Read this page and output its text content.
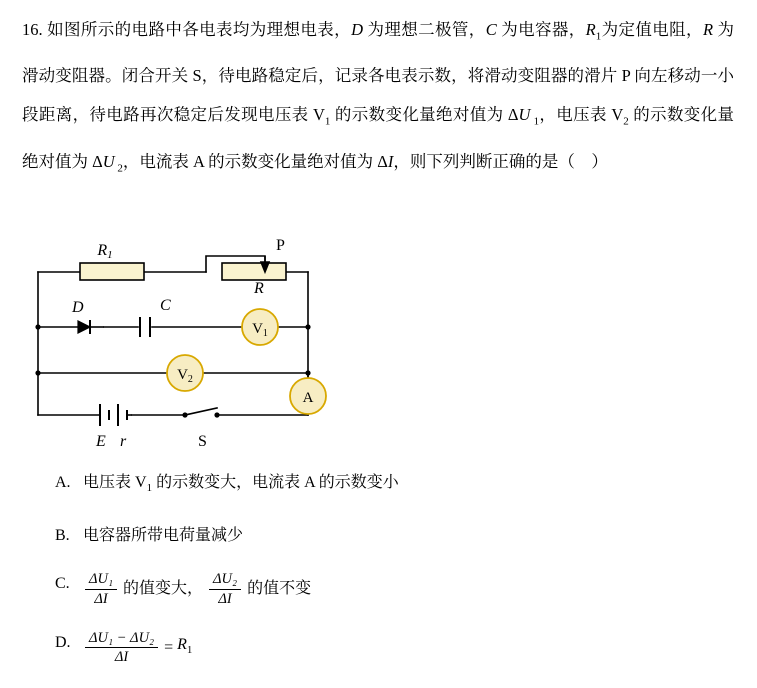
16. 如图所示的电路中各电表均为理想电表，D 为理想二极管，C 为电容器，$R_1$为定值电阻，R 为滑动变阻器。闭合开关 S，待电路稳定后，记录各电表示数，将滑动变阻器的滑片 P 向左移动一小段距离，待电路再次稳定后发现电压表 $V_1$ 的示数变化量绝对值为 ΔU $_1$，电压表 $V_2$ 的示数变化量绝对值为 ΔU $_2$，电流表 A 的示数变化量绝对值为 ΔI，则下列判断正确的是（    ）
$V_1$
$V_2$
A
R1
P
R
D	C
E r	S
A. 电压表 $V_1$ 的示数变大，电流表 A 的示数变小
B. 电容器所带电荷量减少
C.	$\frac{\text{ΔU₁}}{\Delta I}$ 的值变大， $\frac{\text{ΔU₂}}{\Delta I}$ 的值不变
D. $\frac{\text{ΔU₁ − ΔU₂}}{\Delta I} = R_1$
